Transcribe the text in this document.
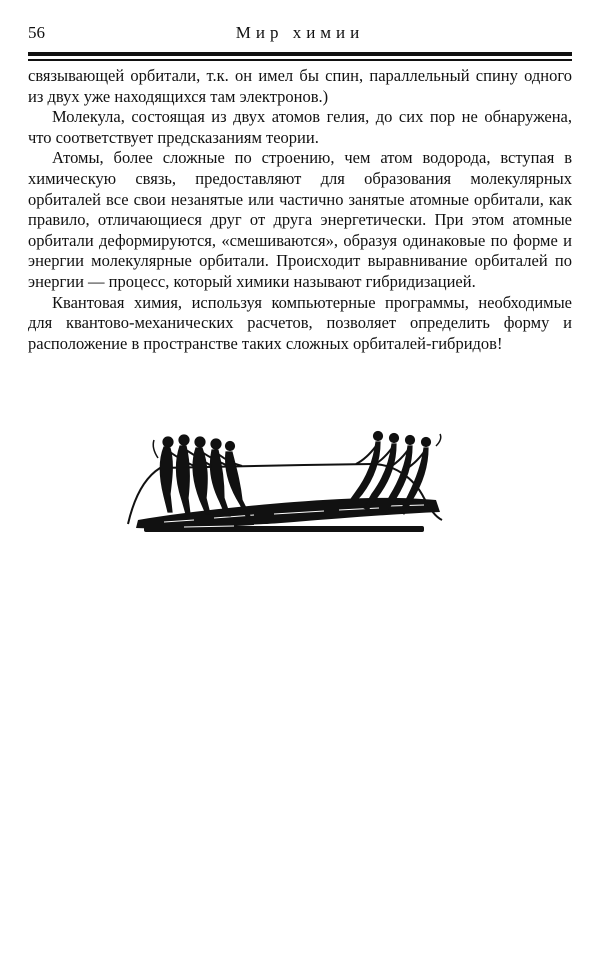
56	Мир химии

связывающей орбитали, т.к. он имел бы спин, параллельный спину одного из двух уже находящихся там электронов.)

Молекула, состоящая из двух атомов гелия, до сих пор не обнаружена, что соответствует предсказаниям теории.

Атомы, более сложные по строению, чем атом водорода, вступая в химическую связь, предоставляют для образования молекулярных орбиталей все свои незанятые или частично занятые атомные орбитали, как правило, отличающиеся друг от друга энергетически. При этом атомные орбитали деформируются, «смешиваются», образуя одинаковые по форме и энергии молекулярные орбитали. Происходит выравнивание орбиталей по энергии — процесс, который химики называют гибридизацией.

Квантовая химия, используя компьютерные программы, необходимые для квантово-механических расчетов, позволяет определить форму и расположение в пространстве таких сложных орбиталей-гибридов!
